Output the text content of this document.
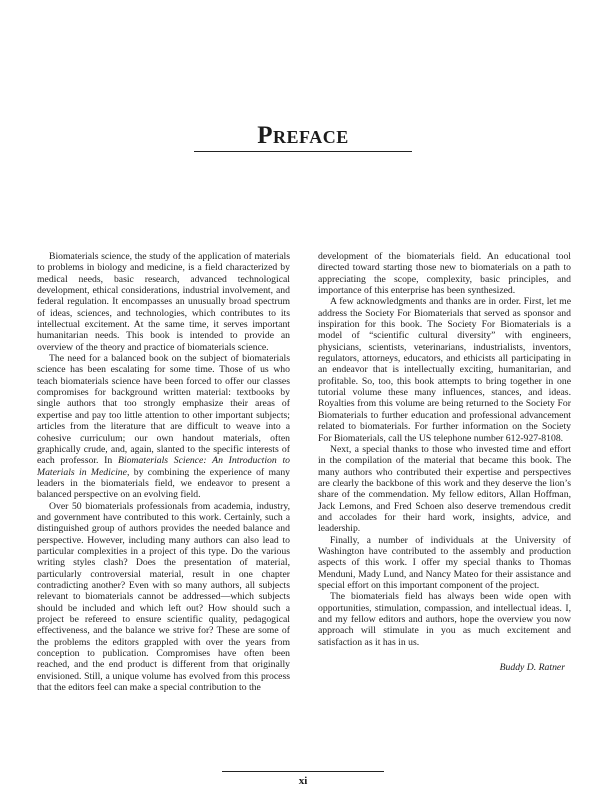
PREFACE

Biomaterials science, the study of the application of materials to problems in biology and medicine, is a field characterized by medical needs, basic research, advanced technological development, ethical considerations, industrial involvement, and federal regulation. It encompasses an unusually broad spectrum of ideas, sciences, and technologies, which contributes to its intellectual excitement. At the same time, it serves important humanitarian needs. This book is intended to provide an overview of the theory and practice of biomaterials science.

The need for a balanced book on the subject of biomaterials science has been escalating for some time. Those of us who teach biomaterials science have been forced to offer our classes compromises for background written material: textbooks by single authors that too strongly emphasize their areas of expertise and pay too little attention to other important subjects; articles from the literature that are difficult to weave into a cohesive curriculum; our own handout materials, often graphically crude, and, again, slanted to the specific interests of each professor. In Biomaterials Science: An Introduction to Materials in Medicine, by combining the experience of many leaders in the biomaterials field, we endeavor to present a balanced perspective on an evolving field.

Over 50 biomaterials professionals from academia, industry, and government have contributed to this work. Certainly, such a distinguished group of authors provides the needed balance and perspective. However, including many authors can also lead to particular complexities in a project of this type. Do the various writing styles clash? Does the presentation of material, particularly controversial material, result in one chapter contradicting another? Even with so many authors, all subjects relevant to biomaterials cannot be addressed—which subjects should be included and which left out? How should such a project be refereed to ensure scientific quality, pedagogical effectiveness, and the balance we strive for? These are some of the problems the editors grappled with over the years from conception to publication. Compromises have often been reached, and the end product is different from that originally envisioned. Still, a unique volume has evolved from this process that the editors feel can make a special contribution to the

development of the biomaterials field. An educational tool directed toward starting those new to biomaterials on a path to appreciating the scope, complexity, basic principles, and importance of this enterprise has been synthesized.

A few acknowledgments and thanks are in order. First, let me address the Society For Biomaterials that served as sponsor and inspiration for this book. The Society For Biomaterials is a model of “scientific cultural diversity” with engineers, physicians, scientists, veterinarians, industrialists, inventors, regulators, attorneys, educators, and ethicists all participating in an endeavor that is intellectually exciting, humanitarian, and profitable. So, too, this book attempts to bring together in one tutorial volume these many influences, stances, and ideas. Royalties from this volume are being returned to the Society For Biomaterials to further education and professional advancement related to biomaterials. For further information on the Society For Biomaterials, call the US telephone number 612-927-8108.

Next, a special thanks to those who invested time and effort in the compilation of the material that became this book. The many authors who contributed their expertise and perspectives are clearly the backbone of this work and they deserve the lion’s share of the commendation. My fellow editors, Allan Hoffman, Jack Lemons, and Fred Schoen also deserve tremendous credit and accolades for their hard work, insights, advice, and leadership.

Finally, a number of individuals at the University of Washington have contributed to the assembly and production aspects of this work. I offer my special thanks to Thomas Menduni, Mady Lund, and Nancy Mateo for their assistance and special effort on this important component of the project.

The biomaterials field has always been wide open with opportunities, stimulation, compassion, and intellectual ideas. I, and my fellow editors and authors, hope the overview you now approach will stimulate in you as much excitement and satisfaction as it has in us.

Buddy D. Ratner

xi
